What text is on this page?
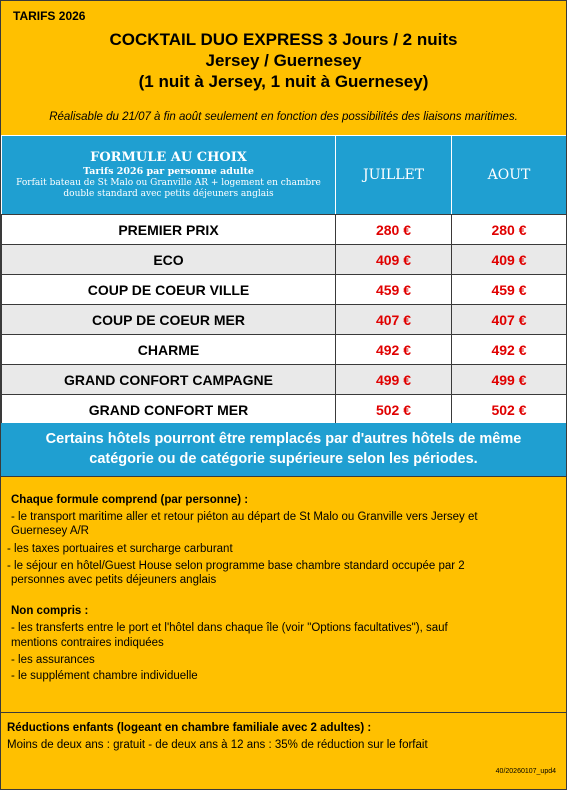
TARIFS 2026
COCKTAIL DUO EXPRESS 3 Jours / 2 nuits
Jersey / Guernesey
(1 nuit à Jersey, 1 nuit à Guernesey)
Réalisable du 21/07 à fin août seulement en fonction des possibilités des liaisons maritimes.
FORMULE AU CHOIX
Tarifs 2026 par personne adulte
Forfait bateau de St Malo ou Granville AR + logement en chambre
double standard avec petits déjeuners anglais	JUILLET	AOUT
PREMIER PRIX	280 €	280 €
ECO	409 €	409 €
COUP DE COEUR VILLE	459 €	459 €
COUP DE COEUR MER	407 €	407 €
CHARME	492 €	492 €
GRAND CONFORT CAMPAGNE	499 €	499 €
GRAND CONFORT MER	502 €	502 €
Certains hôtels pourront être remplacés par d'autres hôtels de même catégorie ou de catégorie supérieure selon les périodes.
Chaque formule comprend (par personne) :
- le transport maritime aller et retour piéton au départ de St Malo ou Granville vers Jersey et
Guernesey A/R
- les taxes portuaires et surcharge carburant
- le séjour en hôtel/Guest House selon programme base chambre standard occupée par 2
personnes avec petits déjeuners anglais
Non compris :
- les transferts entre le port et l'hôtel dans chaque île (voir "Options facultatives"), sauf
mentions contraires indiquées
- les assurances
- le supplément chambre individuelle
Réductions enfants (logeant en chambre familiale avec 2 adultes) :
Moins de deux ans : gratuit - de deux ans à 12 ans : 35% de réduction sur le forfait
40/20260107_upd4
